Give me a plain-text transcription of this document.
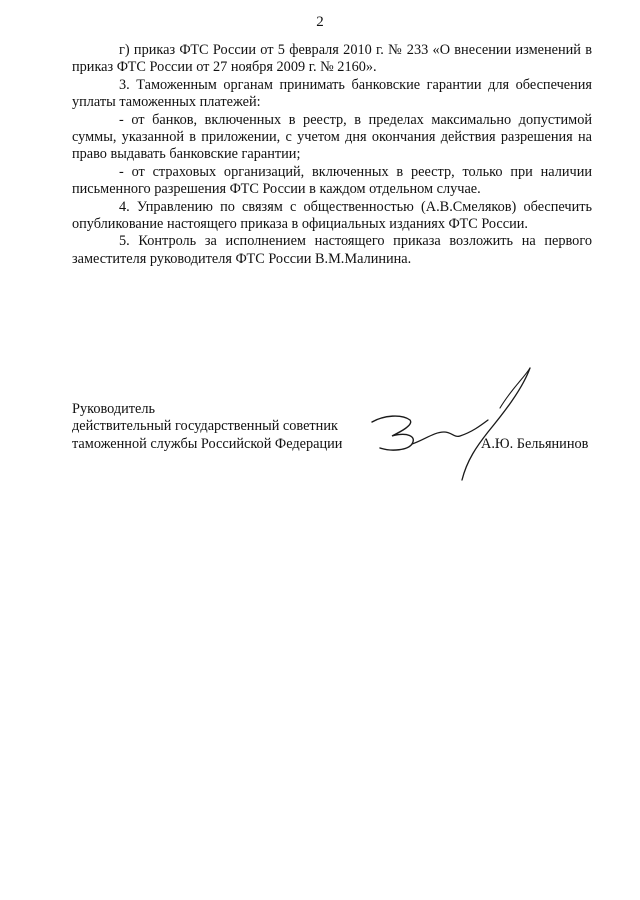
2

г) приказ ФТС России от 5 февраля 2010 г. № 233 «О внесении изменений в приказ ФТС России от 27 ноября 2009 г. № 2160».

3. Таможенным органам принимать банковские гарантии для обеспечения уплаты таможенных платежей:

- от банков, включенных в реестр, в пределах максимально допустимой суммы, указанной в приложении, с учетом дня окончания действия разрешения на право выдавать банковские гарантии;

- от страховых организаций, включенных в реестр, только при наличии письменного разрешения ФТС России в каждом отдельном случае.

4. Управлению по связям с общественностью (А.В.Смеляков) обеспечить опубликование настоящего приказа в официальных изданиях ФТС России.

5. Контроль за исполнением настоящего приказа возложить на первого заместителя руководителя ФТС России В.М.Малинина.

Руководитель
действительный государственный советник
таможенной службы Российской Федерации	А.Ю. Бельянинов
